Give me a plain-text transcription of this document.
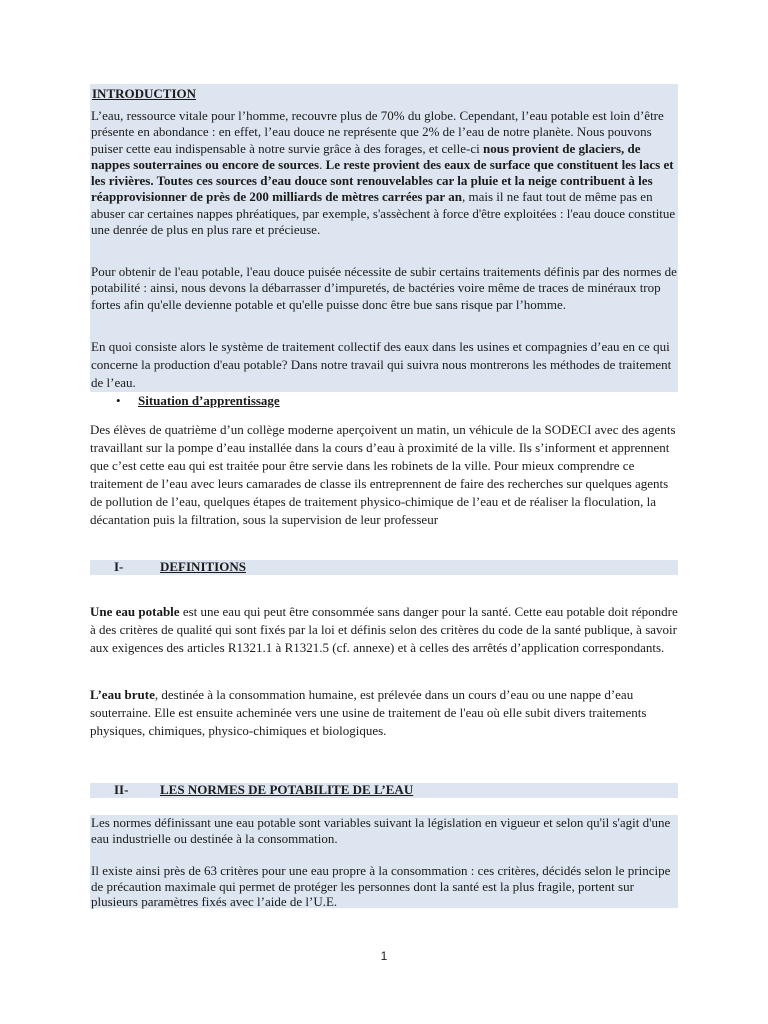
INTRODUCTION

L’eau, ressource vitale pour l’homme, recouvre plus de 70% du globe. Cependant, l’eau potable est loin d’être présente en abondance : en effet, l’eau douce ne représente que 2% de l’eau de notre planète. Nous pouvons puiser cette eau indispensable à notre survie grâce à des forages, et celle-ci nous provient de glaciers, de nappes souterraines ou encore de sources. Le reste provient des eaux de surface que constituent les lacs et les rivières. Toutes ces sources d’eau douce sont renouvelables car la pluie et la neige contribuent à les réapprovisionner de près de 200 milliards de mètres carrées par an, mais il ne faut tout de même pas en abuser car certaines nappes phréatiques, par exemple, s'assèchent à force d'être exploitées : l'eau douce constitue une denrée de plus en plus rare et précieuse.

Pour obtenir de l'eau potable, l'eau douce puisée nécessite de subir certains traitements définis par des normes de potabilité : ainsi, nous devons la débarrasser d’impuretés, de bactéries voire même de traces de minéraux trop fortes afin qu'elle devienne potable et qu'elle puisse donc être bue sans risque par l’homme.

En quoi consiste alors le système de traitement collectif des eaux dans les usines et compagnies d’eau en ce qui concerne la production d'eau potable? Dans notre travail qui suivra nous montrerons les méthodes de traitement de l’eau.

• Situation d’apprentissage

Des élèves de quatrième d’un collège moderne aperçoivent un matin, un véhicule de la SODECI avec des agents travaillant sur la pompe d’eau installée dans la cours d’eau à proximité de la ville. Ils s’informent et apprennent que c’est cette eau qui est traitée pour être servie dans les robinets de la ville. Pour mieux comprendre ce traitement de l’eau avec leurs camarades de classe ils entreprennent de faire des recherches sur quelques agents de pollution de l’eau, quelques étapes de traitement physico-chimique de l’eau et de réaliser la floculation, la décantation puis la filtration, sous la supervision de leur professeur

I-	DEFINITIONS

Une eau potable est une eau qui peut être consommée sans danger pour la santé. Cette eau potable doit répondre à des critères de qualité qui sont fixés par la loi et définis selon des critères du code de la santé publique, à savoir aux exigences des articles R1321.1 à R1321.5 (cf. annexe) et à celles des arrêtés d’application correspondants.

L’eau brute, destinée à la consommation humaine, est prélevée dans un cours d’eau ou une nappe d’eau souterraine. Elle est ensuite acheminée vers une usine de traitement de l'eau où elle subit divers traitements physiques, chimiques, physico-chimiques et biologiques.

II- LES NORMES DE POTABILITE DE L’EAU

Les normes définissant une eau potable sont variables suivant la législation en vigueur et selon qu'il s'agit d'une eau industrielle ou destinée à la consommation.

Il existe ainsi près de 63 critères pour une eau propre à la consommation : ces critères, décidés selon le principe de précaution maximale qui permet de protéger les personnes dont la santé est la plus fragile, portent sur plusieurs paramètres fixés avec l’aide de l’U.E.

1
